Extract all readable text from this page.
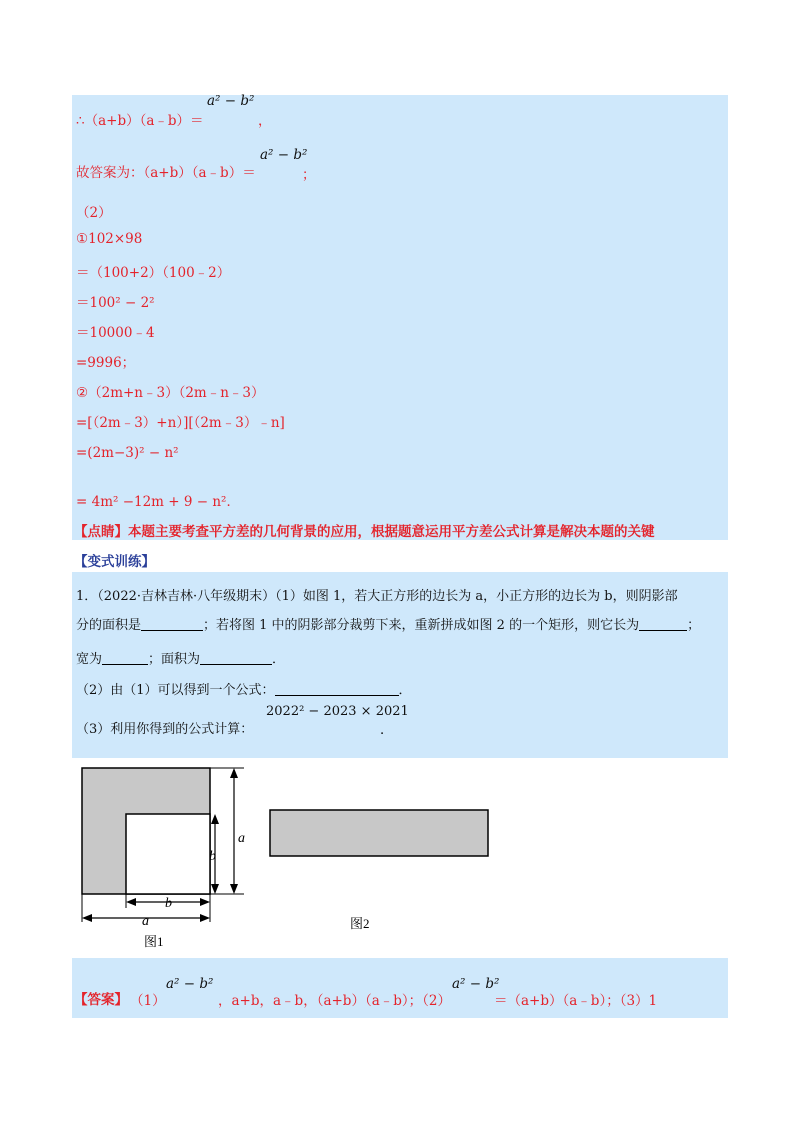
∴（a+b）（a﹣b）＝
a² − b²
，
故答案为：（a+b）（a﹣b）＝
a² − b²
；
（2）
①102×98
＝（100+2）（100﹣2）
＝100² − 2²
＝10000﹣4
=9996；
②（2m+n﹣3）（2m﹣n﹣3）
=[（2m﹣3）+n）][（2m﹣3）﹣n]
=(2m−3)² − n²
= 4m² −12m + 9 − n²．
【点睛】本题主要考查平方差的几何背景的应用，根据题意运用平方差公式计算是解决本题的关键
【变式训练】
1．（2022·吉林吉林·八年级期末）（1）如图 1，若大正方形的边长为 a，小正方形的边长为 b，则阴影部
分的面积是	；若将图 1 中的阴影部分裁剪下来，重新拼成如图 2 的一个矩形，则它长为	；
宽为	；面积为	．
（2）由（1）可以得到一个公式：	．
（3）利用你得到的公式计算：
2022² − 2023 × 2021
．
a
b
b
a
图1
图2
【答案】 （1）
a² − b²
，a+b，a﹣b，（a+b）（a﹣b）；（2）
a² − b²
＝（a+b）（a﹣b）；（3）1
